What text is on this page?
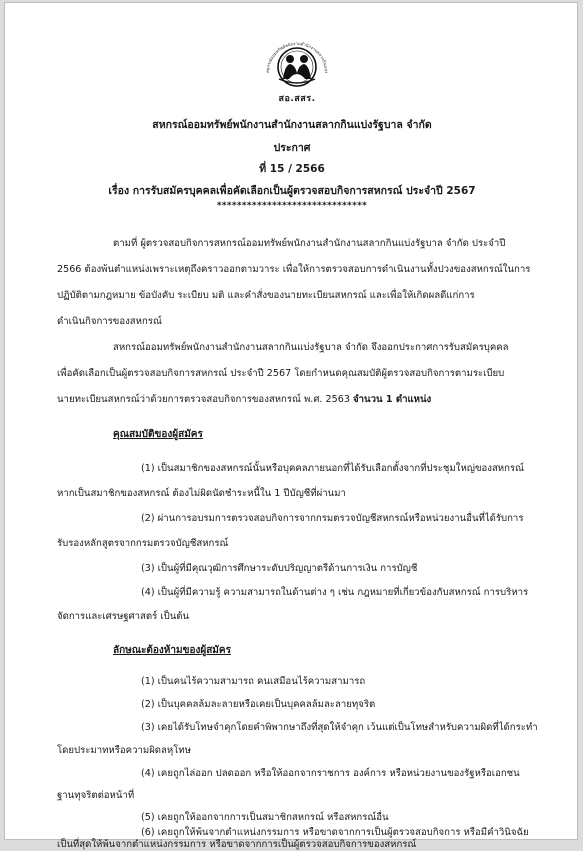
สหกรณ์ออมทรัพย์พนักงานสำนักงานสลากกินแบ่ง
สอ.สสร.
สหกรณ์ออมทรัพย์พนักงานสำนักงานสลากกินแบ่งรัฐบาล จำกัด
ประกาศ
ที่ 15 / 2566
เรื่อง การรับสมัครบุคคลเพื่อคัดเลือกเป็นผู้ตรวจสอบกิจการสหกรณ์ ประจำปี 2567
******************************
ตามที่ ผู้ตรวจสอบกิจการสหกรณ์ออมทรัพย์พนักงานสำนักงานสลากกินแบ่งรัฐบาล จำกัด ประจำปี
2566 ต้องพ้นตำแหน่งเพราะเหตุถึงคราวออกตามวาระ เพื่อให้การตรวจสอบการดำเนินงานทั้งปวงของสหกรณ์ในการ
ปฏิบัติตามกฎหมาย ข้อบังคับ ระเบียบ มติ และคำสั่งของนายทะเบียนสหกรณ์ และเพื่อให้เกิดผลดีแก่การ
ดำเนินกิจการของสหกรณ์
สหกรณ์ออมทรัพย์พนักงานสำนักงานสลากกินแบ่งรัฐบาล จำกัด จึงออกประกาศการรับสมัครบุคคล
เพื่อคัดเลือกเป็นผู้ตรวจสอบกิจการสหกรณ์ ประจำปี 2567 โดยกำหนดคุณสมบัติผู้ตรวจสอบกิจการตามระเบียบ
นายทะเบียนสหกรณ์ว่าด้วยการตรวจสอบกิจการของสหกรณ์ พ.ศ. 2563 จำนวน 1 ตำแหน่ง
คุณสมบัติของผู้สมัคร
(1) เป็นสมาชิกของสหกรณ์นั้นหรือบุคคลภายนอกที่ได้รับเลือกตั้งจากที่ประชุมใหญ่ของสหกรณ์
หากเป็นสมาชิกของสหกรณ์ ต้องไม่ผิดนัดชำระหนี้ใน 1 ปีบัญชีที่ผ่านมา
(2) ผ่านการอบรมการตรวจสอบกิจการจากกรมตรวจบัญชีสหกรณ์หรือหน่วยงานอื่นที่ได้รับการ
รับรองหลักสูตรจากกรมตรวจบัญชีสหกรณ์
(3) เป็นผู้ที่มีคุณวุฒิการศึกษาระดับปริญญาตรีด้านการเงิน การบัญชี
(4) เป็นผู้ที่มีความรู้ ความสามารถในด้านต่าง ๆ เช่น กฎหมายที่เกี่ยวข้องกับสหกรณ์ การบริหาร
จัดการและเศรษฐศาสตร์ เป็นต้น
ลักษณะต้องห้ามของผู้สมัคร
(1) เป็นคนไร้ความสามารถ คนเสมือนไร้ความสามารถ
(2) เป็นบุคคลล้มละลายหรือเคยเป็นบุคคลล้มละลายทุจริต
(3) เคยได้รับโทษจำคุกโดยคำพิพากษาถึงที่สุดให้จำคุก เว้นแต่เป็นโทษสำหรับความผิดที่ได้กระทำ
โดยประมาทหรือความผิดลหุโทษ
(4) เคยถูกไล่ออก ปลดออก หรือให้ออกจากราชการ องค์การ หรือหน่วยงานของรัฐหรือเอกชน
ฐานทุจริตต่อหน้าที่
(5) เคยถูกให้ออกจากการเป็นสมาชิกสหกรณ์ หรือสหกรณ์อื่น
(6) เคยถูกให้พ้นจากตำแหน่งกรรมการ หรือขาดจากการเป็นผู้ตรวจสอบกิจการ หรือมีคำวินิจฉัย
เป็นที่สุดให้พ้นจากตำแหน่งกรรมการ หรือขาดจากการเป็นผู้ตรวจสอบกิจการของสหกรณ์
